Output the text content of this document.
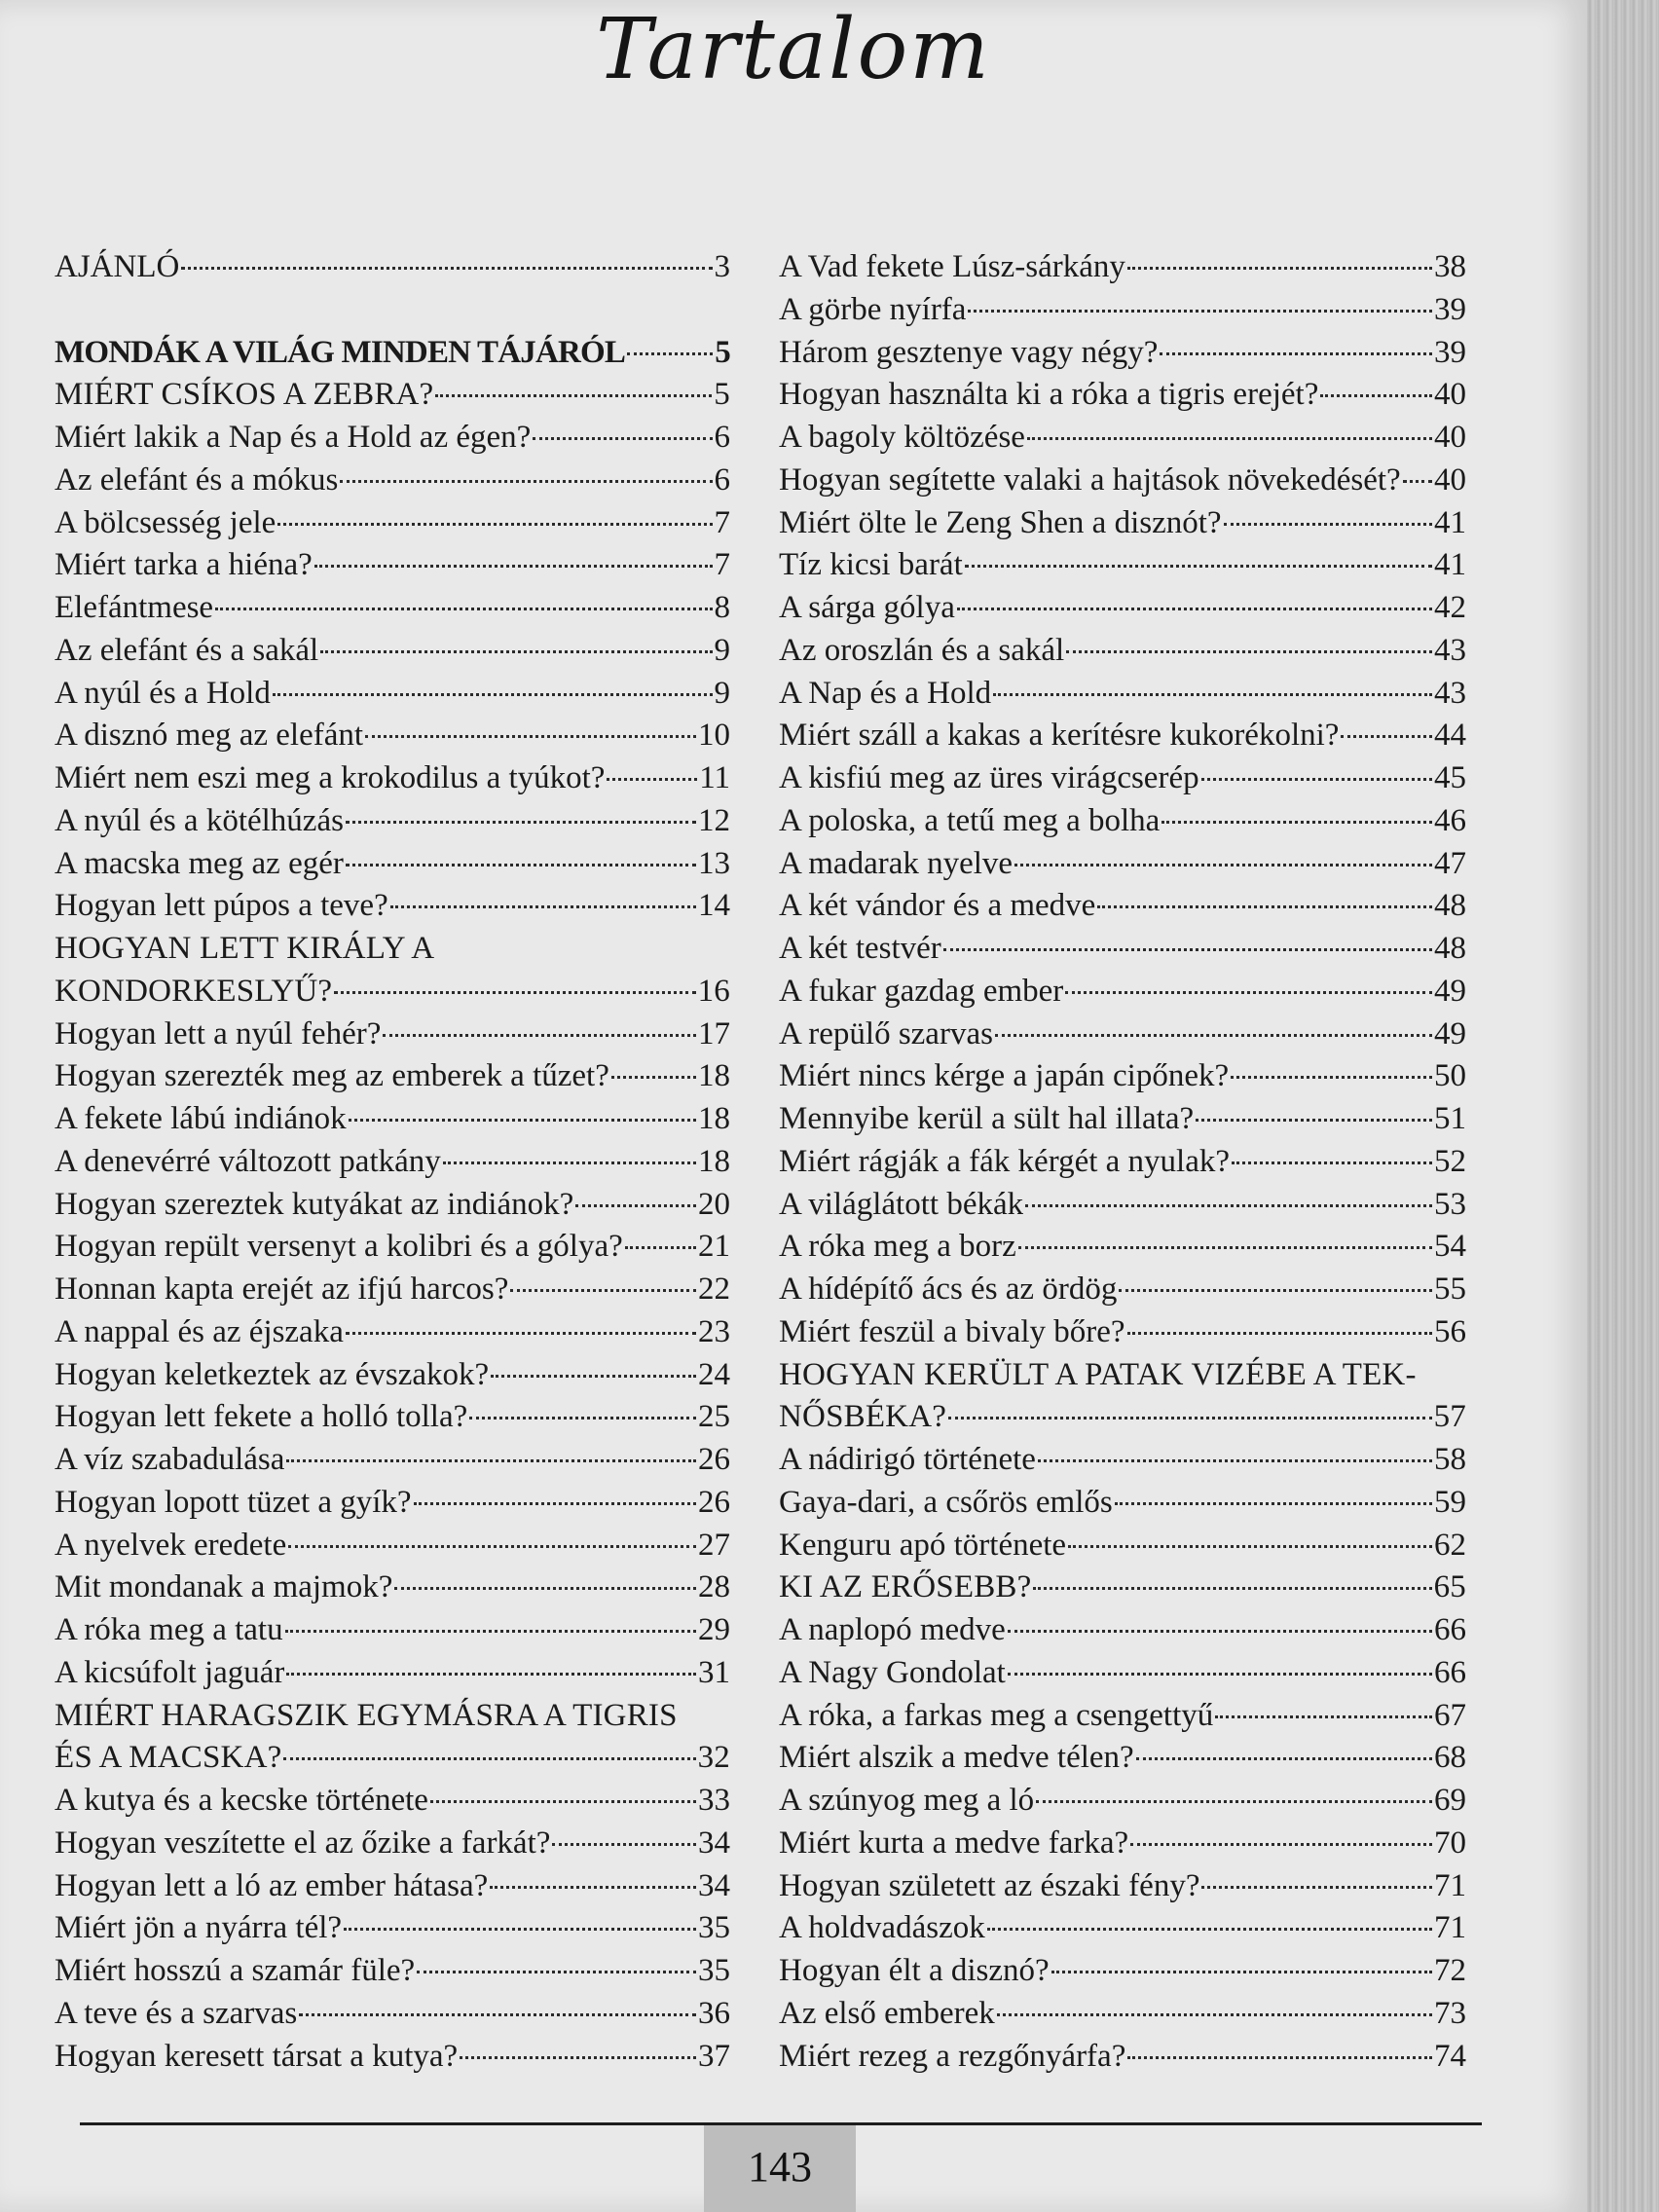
Tartalom
AJÁNLÓ	3
MONDÁK A VILÁG MINDEN TÁJÁRÓL	5
MIÉRT CSÍKOS A ZEBRA?	5
Miért lakik a Nap és a Hold az égen?	6
Az elefánt és a mókus	6
A bölcsesség jele	7
Miért tarka a hiéna?	7
Elefántmese	8
Az elefánt és a sakál	9
A nyúl és a Hold	9
A disznó meg az elefánt	10
Miért nem eszi meg a krokodilus a tyúkot?	11
A nyúl és a kötélhúzás	12
A macska meg az egér	13
Hogyan lett púpos a teve?	14
HOGYAN LETT KIRÁLY A
KONDORKESLYŰ?	16
Hogyan lett a nyúl fehér?	17
Hogyan szerezték meg az emberek a tűzet?	18
A fekete lábú indiánok	18
A denevérré változott patkány	18
Hogyan szereztek kutyákat az indiánok?	20
Hogyan repült versenyt a kolibri és a gólya? 21
Honnan kapta erejét az ifjú harcos?	22
A nappal és az éjszaka	23
Hogyan keletkeztek az évszakok?	24
Hogyan lett fekete a holló tolla?	25
A víz szabadulása	26
Hogyan lopott tüzet a gyík?	26
A nyelvek eredete	27
Mit mondanak a majmok?	28
A róka meg a tatu	29
A kicsúfolt jaguár	31
MIÉRT HARAGSZIK EGYMÁSRA A TIGRIS
ÉS A MACSKA?	32
A kutya és a kecske története	33
Hogyan veszítette el az őzike a farkát?	34
Hogyan lett a ló az ember hátasa?	34
Miért jön a nyárra tél?	35
Miért hosszú a szamár füle?	35
A teve és a szarvas	36
Hogyan keresett társat a kutya?	37
A Vad fekete Lúsz-sárkány	38
A görbe nyírfa	39
Három gesztenye vagy négy?	39
Hogyan használta ki a róka a tigris erejét?	40
A bagoly költözése	40
Hogyan segítette valaki a hajtások növekedését? 40
Miért ölte le Zeng Shen a disznót?	41
Tíz kicsi barát	41
A sárga gólya	42
Az oroszlán és a sakál	43
A Nap és a Hold	43
Miért száll a kakas a kerítésre kukorékolni?	44
A kisfiú meg az üres virágcserép	45
A poloska, a tetű meg a bolha	46
A madarak nyelve	47
A két vándor és a medve	48
A két testvér	48
A fukar gazdag ember	49
A repülő szarvas	49
Miért nincs kérge a japán cipőnek?	50
Mennyibe kerül a sült hal illata?	51
Miért rágják a fák kérgét a nyulak?	52
A világlátott békák	53
A róka meg a borz	54
A hídépítő ács és az ördög	55
Miért feszül a bivaly bőre?	56
HOGYAN KERÜLT A PATAK VIZÉBE A TEK-
NŐSBÉKA?	57
A nádirigó története	58
Gaya-dari, a csőrös emlős	59
Kenguru apó története	62
KI AZ ERŐSEBB?	65
A naplopó medve	66
A Nagy Gondolat	66
A róka, a farkas meg a csengettyű	67
Miért alszik a medve télen?	68
A szúnyog meg a ló	69
Miért kurta a medve farka?	70
Hogyan született az északi fény?	71
A holdvadászok	71
Hogyan élt a disznó?	72
Az első emberek	73
Miért rezeg a rezgőnyárfa?	74
143
